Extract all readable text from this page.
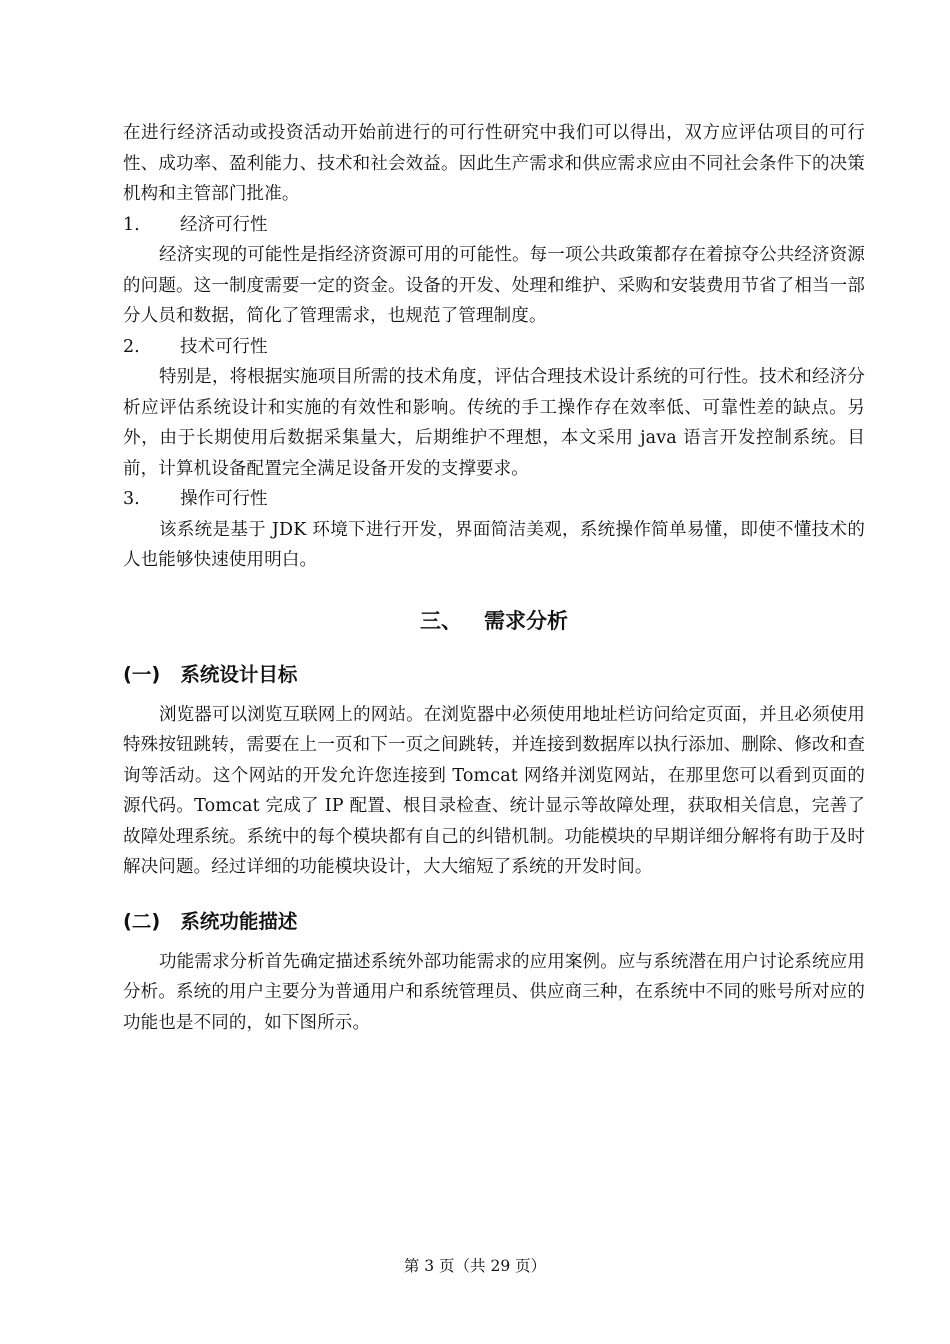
在进行经济活动或投资活动开始前进行的可行性研究中我们可以得出，双方应评估项目的可行性、成功率、盈利能力、技术和社会效益。因此生产需求和供应需求应由不同社会条件下的决策机构和主管部门批准。

1.	经济可行性

经济实现的可能性是指经济资源可用的可能性。每一项公共政策都存在着掠夺公共经济资源的问题。这一制度需要一定的资金。设备的开发、处理和维护、采购和安装费用节省了相当一部分人员和数据，简化了管理需求，也规范了管理制度。

2.	技术可行性

特别是，将根据实施项目所需的技术角度，评估合理技术设计系统的可行性。技术和经济分析应评估系统设计和实施的有效性和影响。传统的手工操作存在效率低、可靠性差的缺点。另外，由于长期使用后数据采集量大，后期维护不理想，本文采用 java 语言开发控制系统。目前，计算机设备配置完全满足设备开发的支撑要求。

3.	操作可行性

该系统是基于 JDK 环境下进行开发，界面简洁美观，系统操作简单易懂，即使不懂技术的人也能够快速使用明白。

三、 需求分析
(一) 系统设计目标

浏览器可以浏览互联网上的网站。在浏览器中必须使用地址栏访问给定页面，并且必须使用特殊按钮跳转，需要在上一页和下一页之间跳转，并连接到数据库以执行添加、删除、修改和查询等活动。这个网站的开发允许您连接到 Tomcat 网络并浏览网站，在那里您可以看到页面的源代码。Tomcat 完成了 IP 配置、根目录检查、统计显示等故障处理，获取相关信息，完善了故障处理系统。系统中的每个模块都有自己的纠错机制。功能模块的早期详细分解将有助于及时解决问题。经过详细的功能模块设计，大大缩短了系统的开发时间。

(二) 系统功能描述

功能需求分析首先确定描述系统外部功能需求的应用案例。应与系统潜在用户讨论系统应用分析。系统的用户主要分为普通用户和系统管理员、供应商三种，在系统中不同的账号所对应的功能也是不同的，如下图所示。

第 3 页（共 29 页）
